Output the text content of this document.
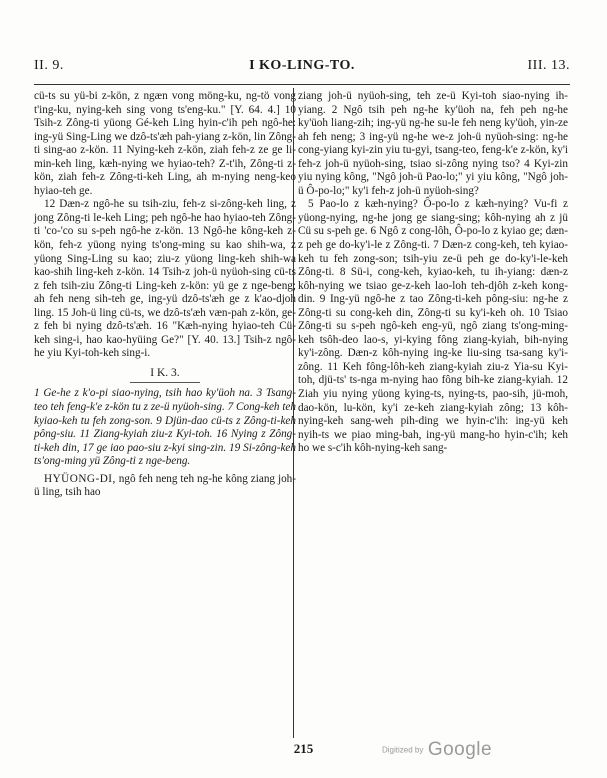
II. 9.	I KO-LING-TO.	III. 13.

cü-ts su yü-bi z-kön, z ngæn vong möng-ku, ng-tö vong t'ing-ku, nying-keh sing vong ts'eng-ku." [Y. 64. 4.] 10 Tsih-z Zông-ti yüong Gé-keh Ling hyin-c'ih peh ngô-he: ing-yü Sing-Ling we dzô-ts'æh pah-yiang z-kön, lin Zông-ti sing-ao z-kön. 11 Nying-keh z-kön, ziah feh-z ze ge li-min-keh ling, kæh-nying we hyiao-teh? Z-t'ih, Zông-ti z-kön, ziah feh-z Zông-ti-keh Ling, ah m-nying neng-keo hyiao-teh ge.

12 Dæn-z ngô-he su tsih-ziu, feh-z si-zông-keh ling, z jong Zông-ti le-keh Ling; peh ngô-he hao hyiao-teh Zông-ti 'co-'co su s-peh ngô-he z-kön. 13 Ngô-he kông-keh z-kön, feh-z yüong nying ts'ong-ming su kao shih-wa, z yüong Sing-Ling su kao; ziu-z yüong ling-keh shih-wa kao-shih ling-keh z-kön. 14 Tsih-z joh-ü nyüoh-sing cü-ts z feh tsih-ziu Zông-ti Ling-keh z-kön: yü ge z nge-beng; ah feh neng sih-teh ge, ing-yü dzô-ts'æh ge z k'ao-djoh ling. 15 Joh-ü ling cü-ts, we dzô-ts'æh væn-pah z-kön, ge-z feh bi nying dzô-ts'æh. 16 "Kæh-nying hyiao-teh Cü-keh sing-i, hao kao-hyüing Ge?" [Y. 40. 13.] Tsih-z ngô-he yiu Kyi-toh-keh sing-i.

I K. 3.

1 Ge-he z k'o-pi siao-nying, tsih hao ky'üoh na. 3 Tsang-teo teh feng-k'e z-kön tu z ze-ü nyüoh-sing. 7 Cong-keh teh kyiao-keh tu feh zong-son. 9 Djün-dao cü-ts z Zông-ti-keh pông-siu. 11 Ziang-kyiah ziu-z Kyi-toh. 16 Nying z Zông-ti-keh din, 17 ge iao pao-siu z-kyi sing-zin. 19 Si-zông-keh ts'ong-ming yü Zông-ti z nge-beng.

HYÜONG-DI, ngô feh neng teh ng-he kông ziang joh-ü ling, tsih hao

ziang joh-ü nyüoh-sing, teh ze-ü Kyi-toh siao-nying ih-yiang. 2 Ngô tsih peh ng-he ky'üoh na, feh peh ng-he ky'üoh liang-zih; ing-yü ng-he su-le feh neng ky'üoh, yin-ze ah feh neng; 3 ing-yü ng-he we-z joh-ü nyüoh-sing: ng-he cong-yiang kyi-zin yiu tu-gyi, tsang-teo, feng-k'e z-kön, ky'i feh-z joh-ü nyüoh-sing, tsiao si-zông nying tso? 4 Kyi-zin yiu nying kông, "Ngô joh-ü Pao-lo;" yi yiu kông, "Ngô joh-ü Ô-po-lo;" ky'i feh-z joh-ü nyüoh-sing?

5 Pao-lo z kæh-nying? Ô-po-lo z kæh-nying? Vu-fi z yüong-nying, ng-he jong ge siang-sing; kôh-nying ah z jü Cü su s-peh ge. 6 Ngô z cong-lôh, Ô-po-lo z kyiao ge; dæn-z peh ge do-ky'i-le z Zông-ti. 7 Dæn-z cong-keh, teh kyiao-keh tu feh zong-son; tsih-yiu ze-ü peh ge do-ky'i-le-keh Zông-ti. 8 Sü-i, cong-keh, kyiao-keh, tu ih-yiang: dæn-z kôh-nying we tsiao ge-z-keh lao-loh teh-djôh z-keh kong-din. 9 Ing-yü ngô-he z tao Zông-ti-keh pông-siu: ng-he z Zông-ti su cong-keh din, Zông-ti su ky'i-keh oh. 10 Tsiao Zông-ti su s-peh ngô-keh eng-yü, ngô ziang ts'ong-ming-keh tsôh-deo lao-s, yi-kying fông ziang-kyiah, bih-nying ky'i-zông. Dæn-z kôh-nying ing-ke liu-sing tsa-sang ky'i-zông. 11 Keh fông-lôh-keh ziang-kyiah ziu-z Yia-su Kyi-toh, djü-ts' ts-nga m-nying hao fông bih-ke ziang-kyiah. 12 Ziah yiu nying yüong kying-ts, nying-ts, pao-sih, jü-moh, dao-kön, lu-kön, ky'i ze-keh ziang-kyiah zông; 13 kôh-nying-keh sang-weh pih-ding we hyin-c'ih: ing-yü keh nyih-ts we piao ming-bah, ing-yü mang-ho hyin-c'ih; keh ho we s-c'ih kôh-nying-keh sang-

215	Digitized by Google
